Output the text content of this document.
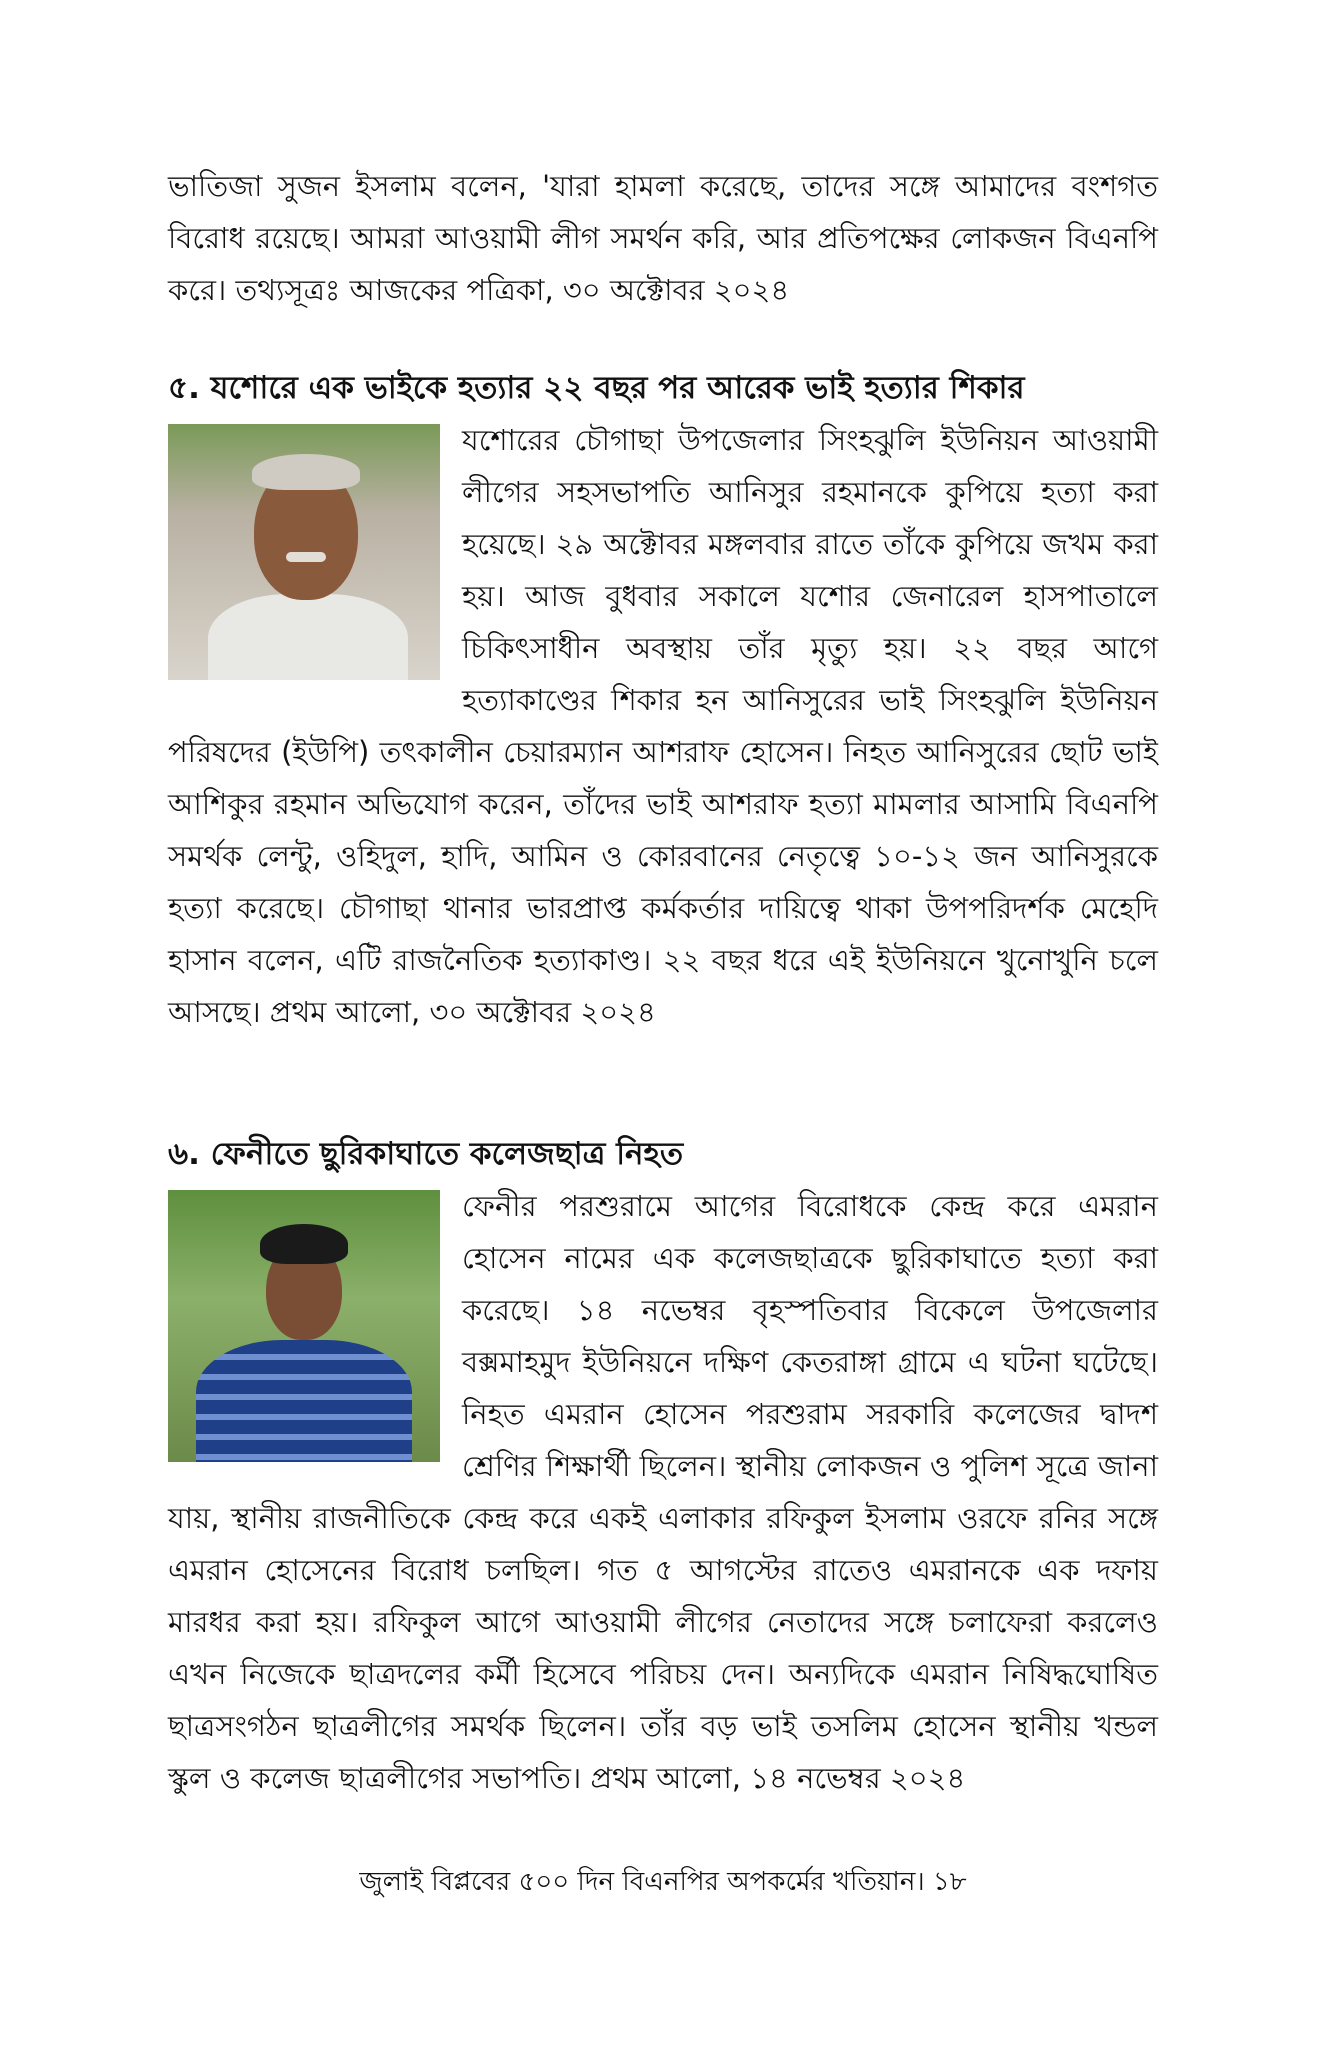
ভাতিজা সুজন ইসলাম বলেন, 'যারা হামলা করেছে, তাদের সঙ্গে আমাদের বংশগত বিরোধ রয়েছে। আমরা আওয়ামী লীগ সমর্থন করি, আর প্রতিপক্ষের লোকজন বিএনপি করে। তথ্যসূত্রঃ আজকের পত্রিকা, ৩০ অক্টোবর ২০২৪

৫. যশোরে এক ভাইকে হত্যার ২২ বছর পর আরেক ভাই হত্যার শিকার

যশোরের চৌগাছা উপজেলার সিংহঝুলি ইউনিয়ন আওয়ামী লীগের সহসভাপতি আনিসুর রহমানকে কুপিয়ে হত্যা করা হয়েছে। ২৯ অক্টোবর মঙ্গলবার রাতে তাঁকে কুপিয়ে জখম করা হয়। আজ বুধবার সকালে যশোর জেনারেল হাসপাতালে চিকিৎসাধীন অবস্থায় তাঁর মৃত্যু হয়। ২২ বছর আগে হত্যাকাণ্ডের শিকার হন আনিসুরের ভাই সিংহঝুলি ইউনিয়ন পরিষদের (ইউপি) তৎকালীন চেয়ারম্যান আশরাফ হোসেন। নিহত আনিসুরের ছোট ভাই আশিকুর রহমান অভিযোগ করেন, তাঁদের ভাই আশরাফ হত্যা মামলার আসামি বিএনপি সমর্থক লেন্টু, ওহিদুল, হাদি, আমিন ও কোরবানের নেতৃত্বে ১০-১২ জন আনিসুরকে হত্যা করেছে। চৌগাছা থানার ভারপ্রাপ্ত কর্মকর্তার দায়িত্বে থাকা উপপরিদর্শক মেহেদি হাসান বলেন, এটি রাজনৈতিক হত্যাকাণ্ড। ২২ বছর ধরে এই ইউনিয়নে খুনোখুনি চলে আসছে। প্রথম আলো, ৩০ অক্টোবর ২০২৪

৬. ফেনীতে ছুরিকাঘাতে কলেজছাত্র নিহত

ফেনীর পরশুরামে আগের বিরোধকে কেন্দ্র করে এমরান হোসেন নামের এক কলেজছাত্রকে ছুরিকাঘাতে হত্যা করা করেছে। ১৪ নভেম্বর বৃহস্পতিবার বিকেলে উপজেলার বক্সমাহমুদ ইউনিয়নে দক্ষিণ কেতরাঙ্গা গ্রামে এ ঘটনা ঘটেছে। নিহত এমরান হোসেন পরশুরাম সরকারি কলেজের দ্বাদশ শ্রেণির শিক্ষার্থী ছিলেন। স্থানীয় লোকজন ও পুলিশ সূত্রে জানা যায়, স্থানীয় রাজনীতিকে কেন্দ্র করে একই এলাকার রফিকুল ইসলাম ওরফে রনির সঙ্গে এমরান হোসেনের বিরোধ চলছিল। গত ৫ আগস্টের রাতেও এমরানকে এক দফায় মারধর করা হয়। রফিকুল আগে আওয়ামী লীগের নেতাদের সঙ্গে চলাফেরা করলেও এখন নিজেকে ছাত্রদলের কর্মী হিসেবে পরিচয় দেন। অন্যদিকে এমরান নিষিদ্ধঘোষিত ছাত্রসংগঠন ছাত্রলীগের সমর্থক ছিলেন। তাঁর বড় ভাই তসলিম হোসেন স্থানীয় খন্ডল স্কুল ও কলেজ ছাত্রলীগের সভাপতি। প্রথম আলো, ১৪ নভেম্বর ২০২৪

জুলাই বিপ্লবের ৫০০ দিন বিএনপির অপকর্মের খতিয়ান। ১৮
